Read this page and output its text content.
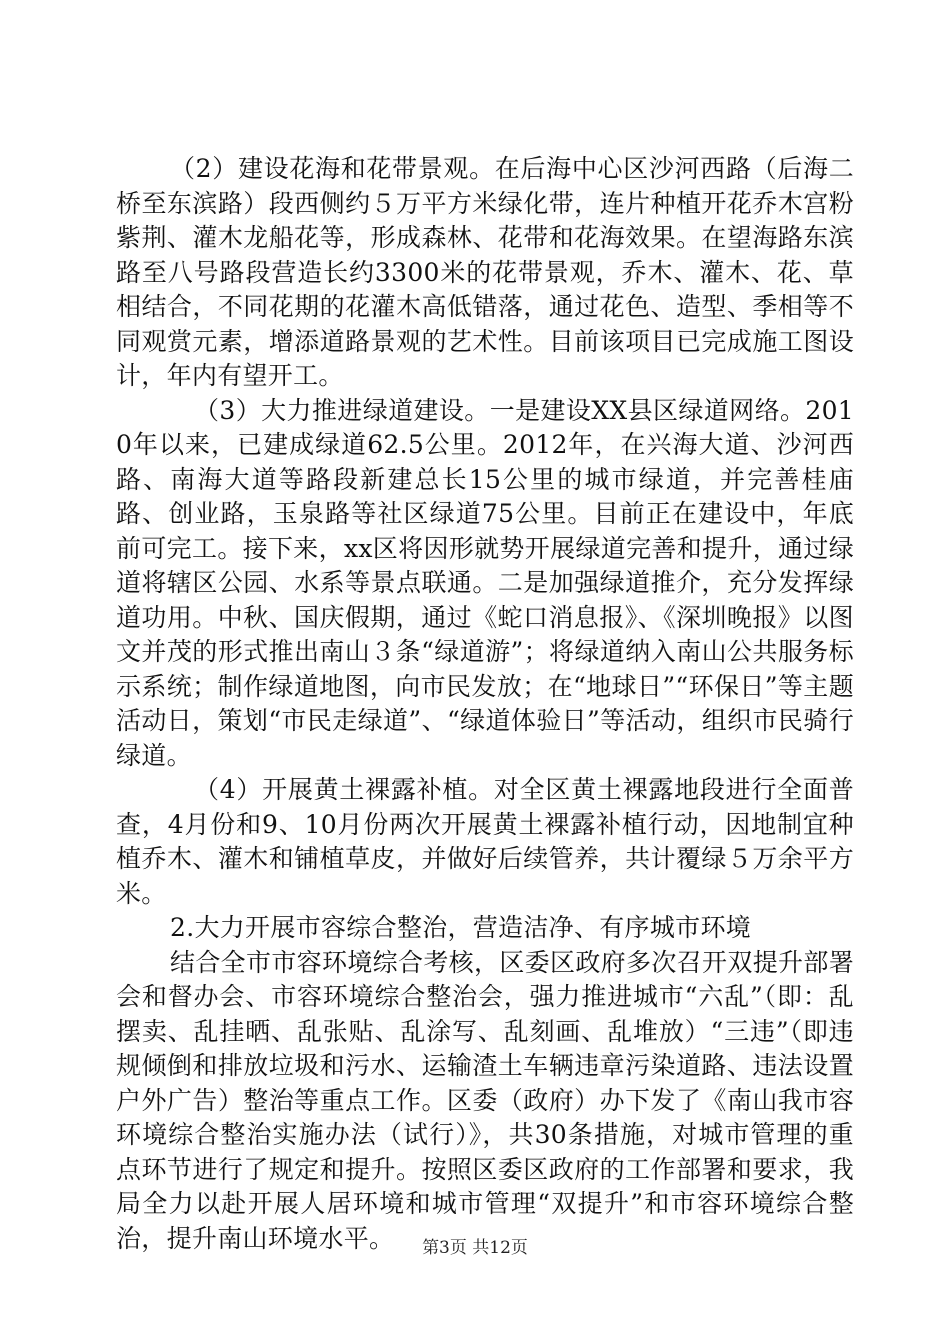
（2）建设花海和花带景观。在后海中心区沙河西路（后海二桥至东滨路）段西侧约５万平方米绿化带，连片种植开花乔木宫粉紫荆、灌木龙船花等，形成森林、花带和花海效果。在望海路东滨路至八号路段营造长约3300米的花带景观，乔木、灌木、花、草相结合，不同花期的花灌木高低错落，通过花色、造型、季相等不同观赏元素，增添道路景观的艺术性。目前该项目已完成施工图设计，年内有望开工。

（3）大力推进绿道建设。一是建设XX县区绿道网络。2010年以来，已建成绿道62.5公里。2012年，在兴海大道、沙河西路、南海大道等路段新建总长15公里的城市绿道，并完善桂庙路、创业路，玉泉路等社区绿道75公里。目前正在建设中，年底前可完工。接下来，xx区将因形就势开展绿道完善和提升，通过绿道将辖区公园、水系等景点联通。二是加强绿道推介，充分发挥绿道功用。中秋、国庆假期，通过《蛇口消息报》、《深圳晚报》以图文并茂的形式推出南山３条“绿道游”；将绿道纳入南山公共服务标示系统；制作绿道地图，向市民发放；在“地球日”“环保日”等主题活动日，策划“市民走绿道”、“绿道体验日”等活动，组织市民骑行绿道。

（4）开展黄土裸露补植。对全区黄土裸露地段进行全面普查，4月份和9、10月份两次开展黄土裸露补植行动，因地制宜种植乔木、灌木和铺植草皮，并做好后续管养，共计覆绿５万余平方米。

2.大力开展市容综合整治，营造洁净、有序城市环境

结合全市市容环境综合考核，区委区政府多次召开双提升部署会和督办会、市容环境综合整治会，强力推进城市“六乱”（即：乱摆卖、乱挂晒、乱张贴、乱涂写、乱刻画、乱堆放）“三违”（即违规倾倒和排放垃圾和污水、运输渣土车辆违章污染道路、违法设置户外广告）整治等重点工作。区委（政府）办下发了《南山我市容环境综合整治实施办法（试行）》，共30条措施，对城市管理的重点环节进行了规定和提升。按照区委区政府的工作部署和要求，我局全力以赴开展人居环境和城市管理“双提升”和市容环境综合整治，提升南山环境水平。	第3页 共12页
